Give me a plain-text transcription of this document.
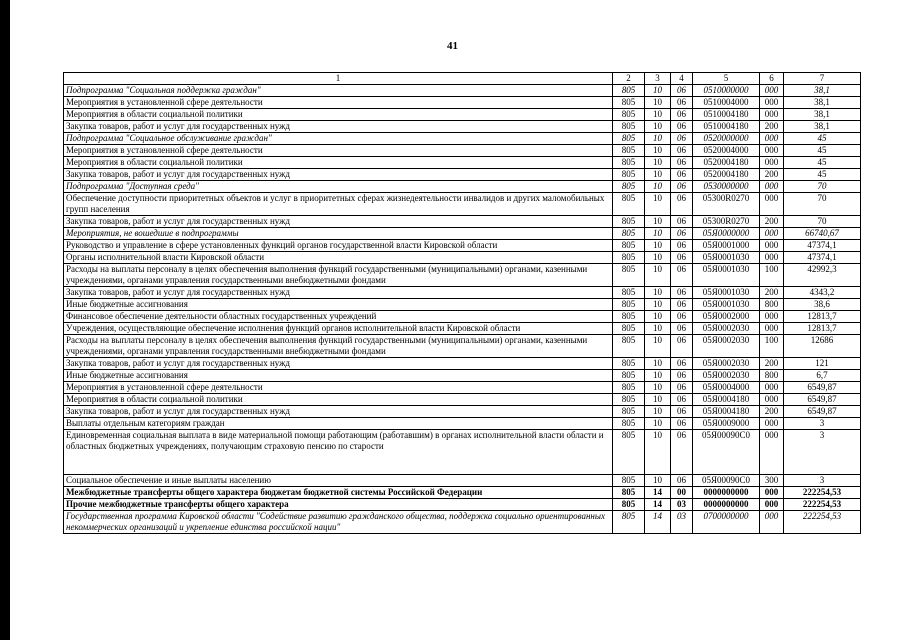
41
1	2	3	4	5	6	7
Подпрограмма "Социальная поддержка граждан"	805	10	06	0510000000	000	38,1
Мероприятия в установленной сфере деятельности	805	10	06	0510004000	000	38,1
Мероприятия в области социальной политики	805	10	06	0510004180	000	38,1
Закупка товаров, работ и услуг для государственных нужд	805	10	06	0510004180	200	38,1
Подпрограмма "Социальное обслуживание граждан"	805	10	06	0520000000	000	45
Мероприятия в установленной сфере деятельности	805	10	06	0520004000	000	45
Мероприятия в области социальной политики	805	10	06	0520004180	000	45
Закупка товаров, работ и услуг для государственных нужд	805	10	06	0520004180	200	45
Подпрограмма "Доступная среда"	805	10	06	0530000000	000	70
Обеспечение доступности приоритетных объектов и услуг в приоритетных сферах жизнедеятельности инвалидов и других маломобильных групп населения	805	10	06	05300R0270	000	70
Закупка товаров, работ и услуг для государственных нужд	805	10	06	05300R0270	200	70
Мероприятия, не вошедшие в подпрограммы	805	10	06	05Я0000000	000	66740,67
Руководство и управление в сфере установленных функций органов государственной власти Кировской области	805	10	06	05Я0001000	000	47374,1
Органы исполнительной власти Кировской области	805	10	06	05Я0001030	000	47374,1
Расходы на выплаты персоналу в целях обеспечения выполнения функций государственными (муниципальными) органами, казенными учреждениями, органами управления государственными внебюджетными фондами	805	10	06	05Я0001030	100	42992,3
Закупка товаров, работ и услуг для государственных нужд	805	10	06	05Я0001030	200	4343,2
Иные бюджетные ассигнования	805	10	06	05Я0001030	800	38,6
Финансовое обеспечение деятельности областных государственных учреждений	805	10	06	05Я0002000	000	12813,7
Учреждения, осуществляющие обеспечение исполнения функций органов исполнительной власти Кировской области	805	10	06	05Я0002030	000	12813,7
Расходы на выплаты персоналу в целях обеспечения выполнения функций государственными (муниципальными) органами, казенными учреждениями, органами управления государственными внебюджетными фондами	805	10	06	05Я0002030	100	12686
Закупка товаров, работ и услуг для государственных нужд	805	10	06	05Я0002030	200	121
Иные бюджетные ассигнования	805	10	06	05Я0002030	800	6,7
Мероприятия в установленной сфере деятельности	805	10	06	05Я0004000	000	6549,87
Мероприятия в области социальной политики	805	10	06	05Я0004180	000	6549,87
Закупка товаров, работ и услуг для государственных нужд	805	10	06	05Я0004180	200	6549,87
Выплаты отдельным категориям граждан	805	10	06	05Я0009000	000	3
Единовременная социальная выплата в виде материальной помощи работающим (работавшим) в органах исполнительной власти области и областных бюджетных учреждениях, получающим страховую пенсию по старости	805	10	06	05Я00090С0	000	3
Социальное обеспечение и иные выплаты населению	805	10	06	05Я00090С0	300	3
Межбюджетные трансферты общего характера бюджетам бюджетной системы Российской Федерации	805	14	00	0000000000	000	222254,53
Прочие межбюджетные трансферты общего характера	805	14	03	0000000000	000	222254,53
Государственная программа Кировской области "Содействие развитию гражданского общества, поддержка социально ориентированных некоммерческих организаций и укрепление единства российской нации"	805	14	03	0700000000	000	222254,53
